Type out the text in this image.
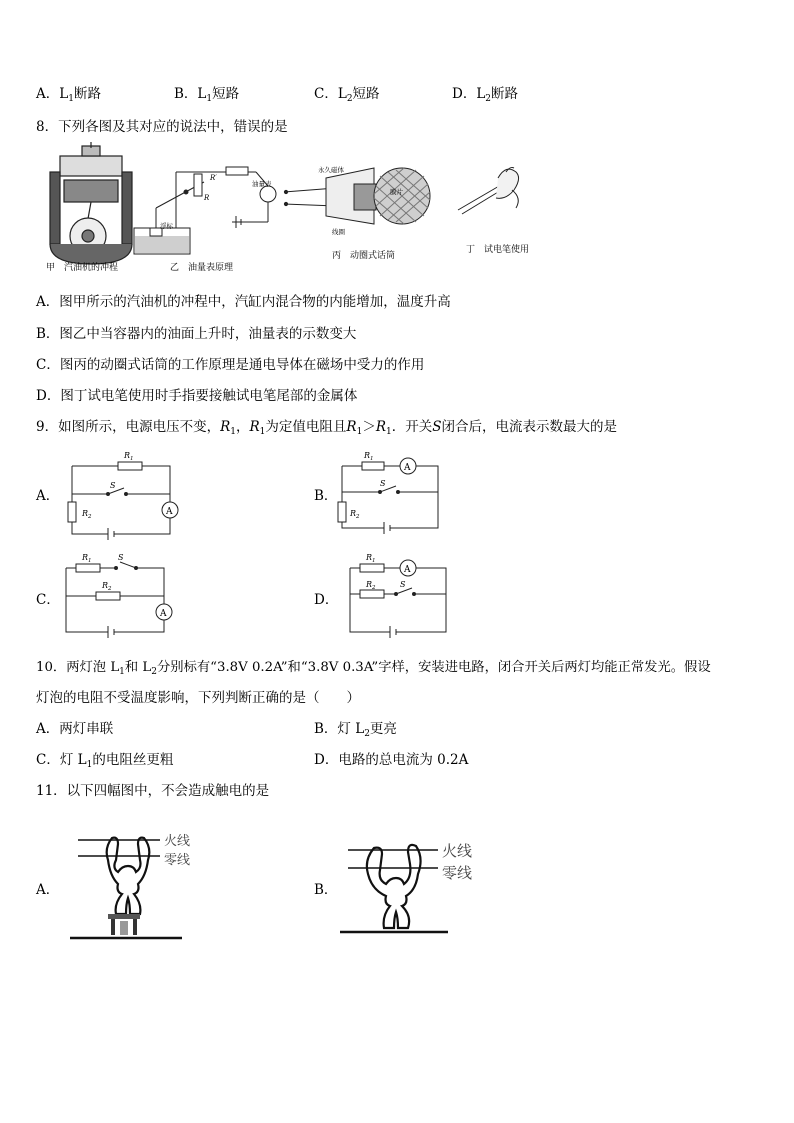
A．$L_1$断路	B．$L_1$短路	C．$L_2$短路	D．$L_2$断路
8．下列各图及其对应的说法中，错误的是
甲　汽油机的冲程
油量表
浮标
R′
R
乙　油量表原理
永久磁体
膜片
线圈
丙　动圈式话筒
丁　试电笔使用
A．图甲所示的汽油机的冲程中，汽缸内混合物的内能增加，温度升高
B．图乙中当容器内的油面上升时，油量表的示数变大
C．图丙的动圈式话筒的工作原理是通电导体在磁场中受力的作用
D．图丁试电笔使用时手指要接触试电笔尾部的金属体
9．如图所示，电源电压不变，$R_1$，$R_1$为定值电阻且$R_1>R_1$．开关S闭合后，电流表示数最大的是
A．
A
$R_1$
S
$R_2$
B．
A
$R_1$
S
$R_2$
C．
A
$R_1$	S
$R_2$
D．
A
$R_1$
$R_2$	S
10．两灯泡 $L_1$和 $L_2$分别标有“3.8V 0.2A”和“3.8V 0.3A”字样，安装进电路，闭合开关后两灯均能正常发光。假设
灯泡的电阻不受温度影响，下列判断正确的是（　　）
A．两灯串联	B．灯 $L_2$更亮
C．灯 $L_1$的电阻丝更粗	D．电路的总电流为 0.2A
11．以下四幅图中，不会造成触电的是
A．
火线
零线
B．
火线
零线
